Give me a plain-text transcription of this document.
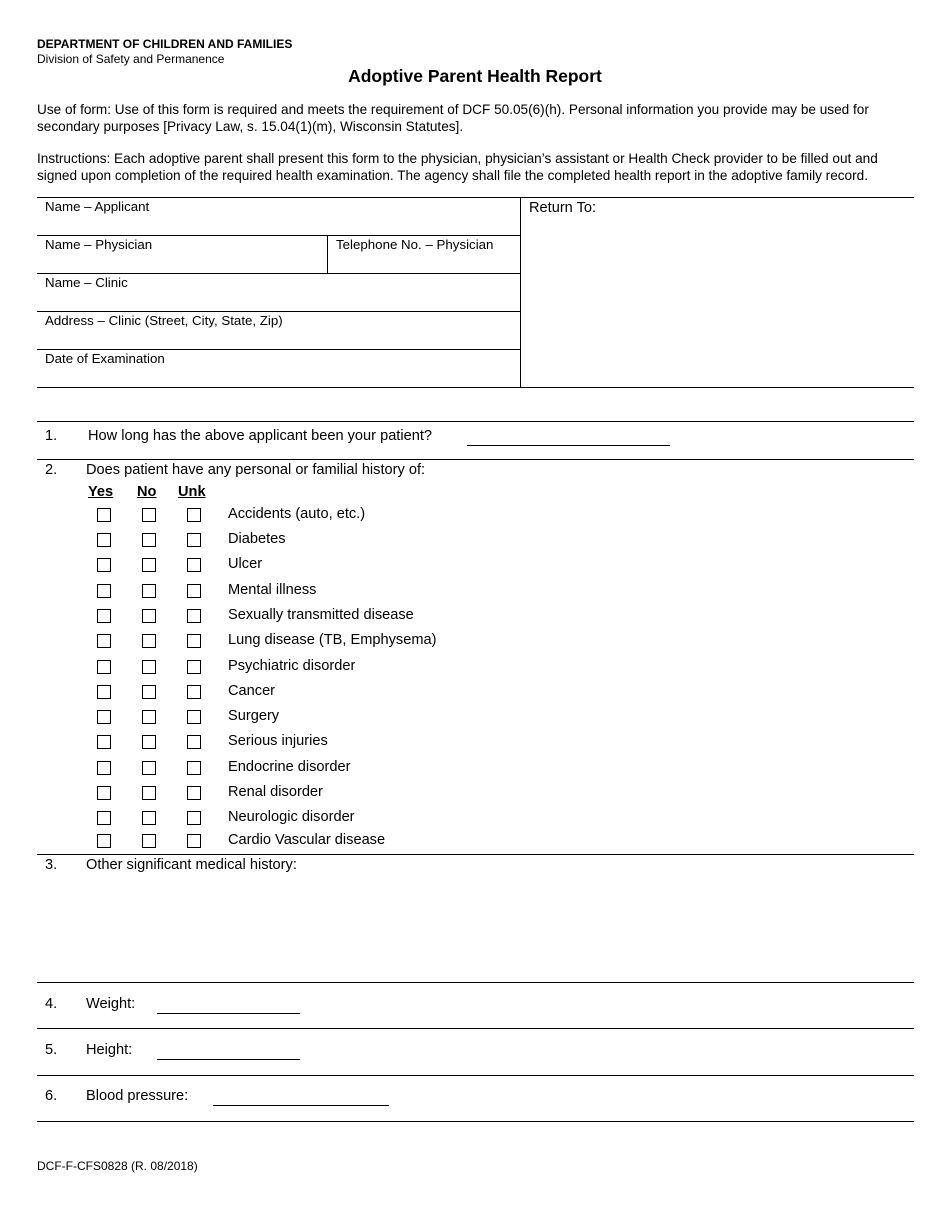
DEPARTMENT OF CHILDREN AND FAMILIES
Division of Safety and Permanence
Adoptive Parent Health Report
Use of form: Use of this form is required and meets the requirement of DCF 50.05(6)(h). Personal information you provide may be used for secondary purposes [Privacy Law, s. 15.04(1)(m), Wisconsin Statutes].
Instructions: Each adoptive parent shall present this form to the physician, physician’s assistant or Health Check provider to be filled out and signed upon completion of the required health examination. The agency shall file the completed health report in the adoptive family record.
Name – Applicant
Name – Physician	Telephone No. – Physician
Name – Clinic
Address – Clinic (Street, City, State, Zip)
Date of Examination
Return To:
1. How long has the above applicant been your patient?
2. Does patient have any personal or familial history of:
Yes No Unk
Accidents (auto, etc.)
Diabetes
Ulcer
Mental illness
Sexually transmitted disease
Lung disease (TB, Emphysema)
Psychiatric disorder
Cancer
Surgery
Serious injuries
Endocrine disorder
Renal disorder
Neurologic disorder
Cardio Vascular disease
3. Other significant medical history:
4. Weight:
5. Height:
6. Blood pressure:
DCF-F-CFS0828 (R. 08/2018)
